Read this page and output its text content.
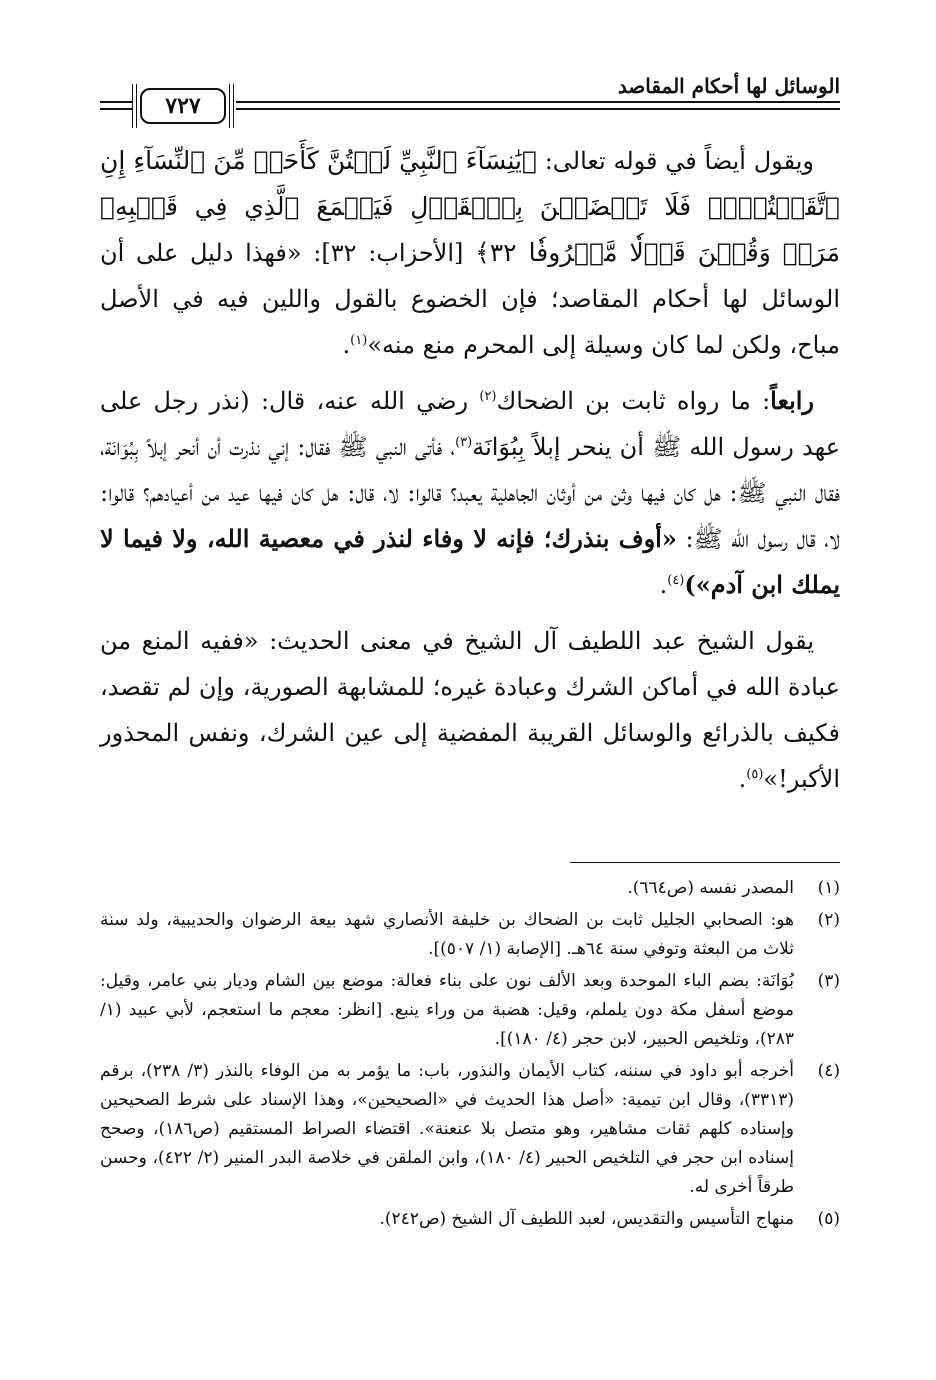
الوسائل لها أحكام المقاصد
٧٢٧

ويقول أيضاً في قوله تعالى: ﴿يَٰنِسَآءَ ٱلنَّبِيِّ لَسۡتُنَّ كَأَحَدٖ مِّنَ ٱلنِّسَآءِ إِنِ ٱتَّقَيۡتُنَّۚ فَلَا تَخۡضَعۡنَ بِٱلۡقَوۡلِ فَيَطۡمَعَ ٱلَّذِي فِي قَلۡبِهِۦ مَرَضٞ وَقُلۡنَ قَوۡلٗا مَّعۡرُوفٗا ٣٢﴾ [الأحزاب: ٣٢]: «فهذا دليل على أن الوسائل لها أحكام المقاصد؛ فإن الخضوع بالقول واللين فيه في الأصل مباح، ولكن لما كان وسيلة إلى المحرم منع منه»$^{(١)}$.

رابعاً: ما رواه ثابت بن الضحاك$^{(٢)}$ رضي الله عنه، قال: (نذر رجل على عهد رسول الله ﷺ أن ينحر إبلاً بِبُوَانَة$^{(٣)}$، فأتى النبي ﷺ فقال: إني نذرت أن أنحر إبلاً بِبُوَانَة، فقال النبي ﷺ: هل كان فيها وثن من أوثان الجاهلية يعبد؟ قالوا: لا، قال: هل كان فيها عيد من أعيادهم؟ قالوا: لا، قال رسول الله ﷺ: «أوف بنذرك؛ فإنه لا وفاء لنذر في معصية الله، ولا فيما لا يملك ابن آدم»)$^{(٤)}$.

يقول الشيخ عبد اللطيف آل الشيخ في معنى الحديث: «ففيه المنع من عبادة الله في أماكن الشرك وعبادة غيره؛ للمشابهة الصورية، وإن لم تقصد، فكيف بالذرائع والوسائل القريبة المفضية إلى عين الشرك، ونفس المحذور الأكبر!»$^{(٥)}$.

(١)
المصدر نفسه (ص٦٦٤).
(٢)
هو: الصحابي الجليل ثابت بن الضحاك بن خليفة الأنصاري شهد بيعة الرضوان والحديبية، ولد سنة ثلاث من البعثة وتوفي سنة ٦٤هـ. [الإصابة (١/ ٥٠٧)].
(٣)
بُوَانَة: بضم الباء الموحدة وبعد الألف نون على بناء فعالة: موضع بين الشام وديار بني عامر، وقيل: موضع أسفل مكة دون يلملم، وقيل: هضبة من وراء ينبع. [انظر: معجم ما استعجم، لأبي عبيد (١/ ٢٨٣)، وتلخيص الحبير، لابن حجر (٤/ ١٨٠)].
(٤)
أخرجه أبو داود في سننه، كتاب الأيمان والنذور، باب: ما يؤمر به من الوفاء بالنذر (٣/ ٢٣٨)، برقم (٣٣١٣)، وقال ابن تيمية: «أصل هذا الحديث في «الصحيحين»، وهذا الإسناد على شرط الصحيحين وإسناده كلهم ثقات مشاهير، وهو متصل بلا عنعنة». اقتضاء الصراط المستقيم (ص١٨٦)، وصحح إسناده ابن حجر في التلخيص الحبير (٤/ ١٨٠)، وابن الملقن في خلاصة البدر المنير (٢/ ٤٢٢)، وحسن طرقاً أخرى له.
(٥)
منهاج التأسيس والتقديس، لعبد اللطيف آل الشيخ (ص٢٤٢).
